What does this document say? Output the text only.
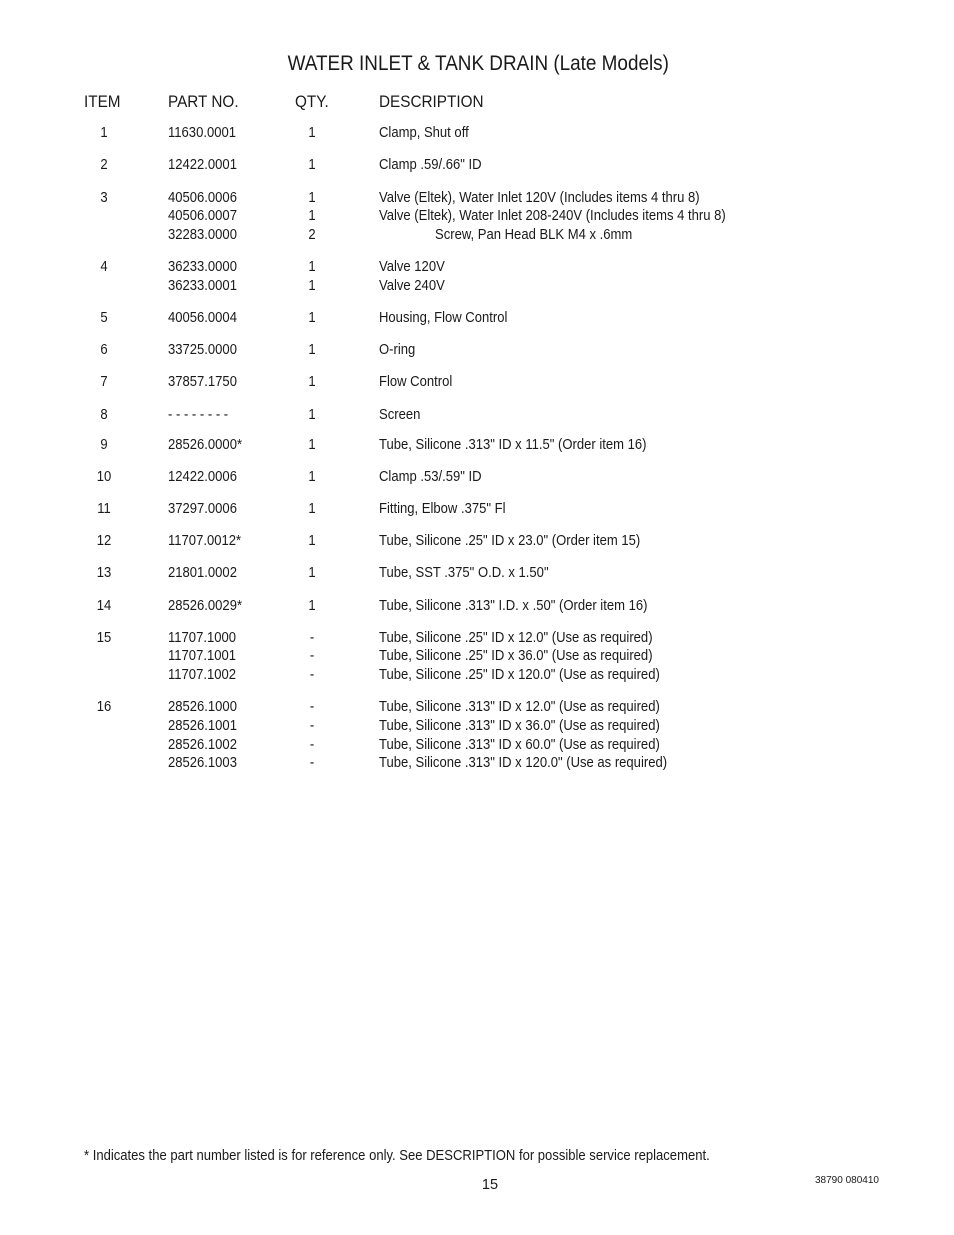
WATER INLET & TANK DRAIN (Late Models)
ITEM	PART NO.	QTY.	DESCRIPTION
1	11630.0001	1	Clamp, Shut off
2	12422.0001	1	Clamp .59/.66" ID
3	40506.0006	1	Valve (Eltek), Water Inlet 120V (Includes items 4 thru 8)
40506.0007	1	Valve (Eltek), Water Inlet 208-240V (Includes items 4 thru 8)
32283.0000	2	Screw, Pan Head BLK M4 x .6mm
4	36233.0000	1	Valve 120V
36233.0001	1	Valve 240V
5	40056.0004	1	Housing, Flow Control
6	33725.0000	1	O-ring
7	37857.1750	1	Flow Control
8	- - - - - - - -	1	Screen
9	28526.0000*	1	Tube, Silicone .313" ID x 11.5" (Order item 16)
10	12422.0006	1	Clamp .53/.59" ID
11	37297.0006	1	Fitting, Elbow .375" Fl
12	11707.0012*	1	Tube, Silicone .25" ID x 23.0" (Order item 15)
13	21801.0002	1	Tube, SST .375" O.D. x 1.50"
14	28526.0029*	1	Tube, Silicone .313" I.D. x .50" (Order item 16)
15	11707.1000	-	Tube, Silicone .25" ID x 12.0" (Use as required)
11707.1001	-	Tube, Silicone .25" ID x 36.0" (Use as required)
11707.1002	-	Tube, Silicone .25" ID x 120.0" (Use as required)
16	28526.1000	-	Tube, Silicone .313" ID x 12.0" (Use as required)
28526.1001	-	Tube, Silicone .313" ID x 36.0" (Use as required)
28526.1002	-	Tube, Silicone .313" ID x 60.0" (Use as required)
28526.1003	-	Tube, Silicone .313" ID x 120.0" (Use as required)
* Indicates the part number listed is for reference only. See DESCRIPTION for possible service replacement.
15	38790 080410
